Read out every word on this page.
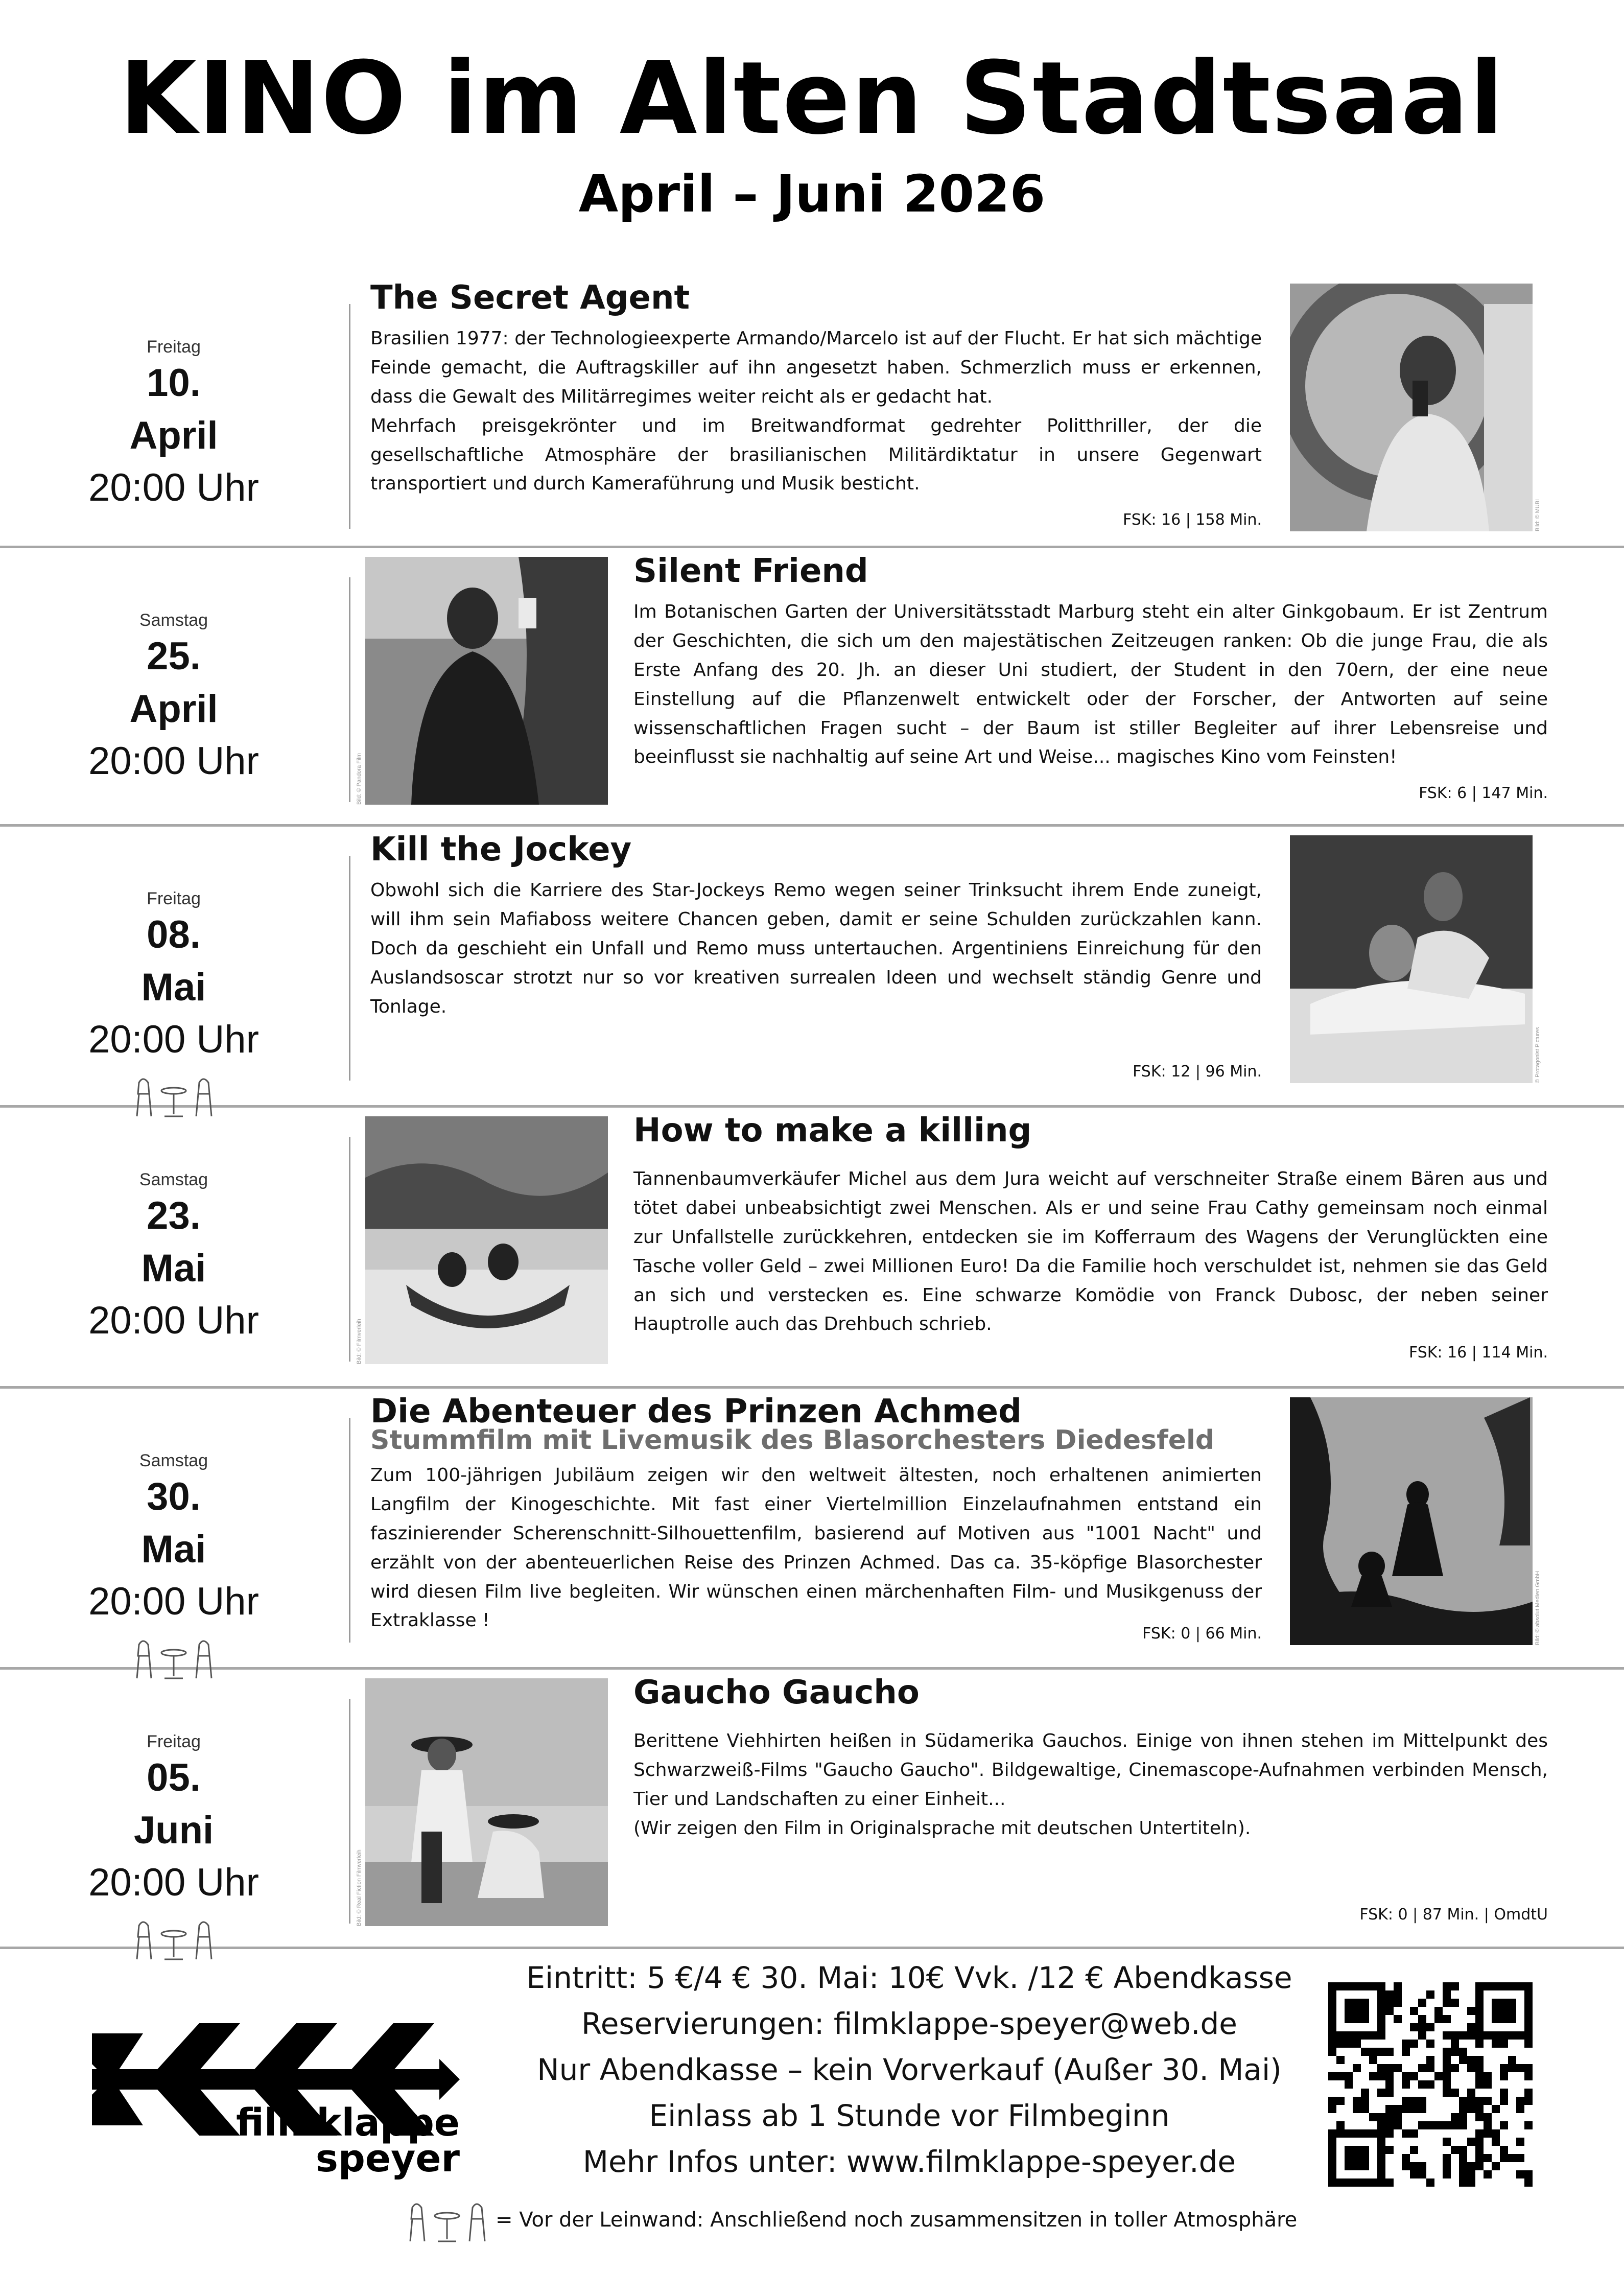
KINO im Alten Stadtsaal
April – Juni 2026
Freitag
10.
April
20:00 Uhr
Bild: © MUBI
The Secret Agent
Brasilien 1977: der Technologieexperte Armando/Marcelo ist auf der Flucht. Er hat sich mächtige Feinde gemacht, die Auftragskiller auf ihn angesetzt haben. Schmerzlich muss er erkennen, dass die Gewalt des Militärregimes weiter reicht als er gedacht hat.
Mehrfach preisgekrönter und im Breitwandformat gedrehter Politthriller, der die gesellschaftliche Atmosphäre der brasilianischen Militärdiktatur in unsere Gegenwart transportiert und durch Kameraführung und Musik besticht.
FSK: 16 | 158 Min.
Samstag
25.
April
20:00 Uhr	Bild: © Pandora Film
Silent Friend
Im Botanischen Garten der Universitätsstadt Marburg steht ein alter Ginkgobaum. Er ist Zentrum der Geschichten, die sich um den majestätischen Zeitzeugen ranken: Ob die junge Frau, die als Erste Anfang des 20. Jh. an dieser Uni studiert, der Student in den 70ern, der eine neue Einstellung auf die Pflanzenwelt entwickelt oder der Forscher, der Antworten auf seine wissenschaftlichen Fragen sucht – der Baum ist stiller Begleiter auf ihrer Lebensreise und beeinflusst sie nachhaltig auf seine Art und Weise... magisches Kino vom Feinsten!
FSK: 6 | 147 Min.
Freitag
08.
Mai
20:00 Uhr	© Protagonist Pictures
Kill the Jockey
Obwohl sich die Karriere des Star-Jockeys Remo wegen seiner Trinksucht ihrem Ende zuneigt, will ihm sein Mafiaboss weitere Chancen geben, damit er seine Schulden zurückzahlen kann. Doch da geschieht ein Unfall und Remo muss untertauchen. Argentiniens Einreichung für den Auslandsoscar strotzt nur so vor kreativen surrealen Ideen und wechselt ständig Genre und Tonlage.
FSK: 12 | 96 Min.
Samstag
23.
Mai
20:00 Uhr	Bild: © Filmverleih
How to make a killing
Tannenbaumverkäufer Michel aus dem Jura weicht auf verschneiter Straße einem Bären aus und tötet dabei unbeabsichtigt zwei Menschen. Als er und seine Frau Cathy gemeinsam noch einmal zur Unfallstelle zurückkehren, entdecken sie im Kofferraum des Wagens der Verunglückten eine Tasche voller Geld – zwei Millionen Euro! Da die Familie hoch verschuldet ist, nehmen sie das Geld an sich und verstecken es. Eine schwarze Komödie von Franck Dubosc, der neben seiner Hauptrolle auch das Drehbuch schrieb.
FSK: 16 | 114 Min.
Samstag
30.
Mai
20:00 Uhr	Bild: © absolut Medien GmbH
Die Abenteuer des Prinzen Achmed
Stummfilm mit Livemusik des Blasorchesters Diedesfeld
Zum 100-jährigen Jubiläum zeigen wir den weltweit ältesten, noch erhaltenen animierten Langfilm der Kinogeschichte. Mit fast einer Viertelmillion Einzelaufnahmen entstand ein faszinierender Scherenschnitt-Silhouettenfilm, basierend auf Motiven aus "1001 Nacht" und erzählt von der abenteuerlichen Reise des Prinzen Achmed. Das ca. 35-köpfige Blasorchester wird diesen Film live begleiten. Wir wünschen einen märchenhaften Film- und Musikgenuss der Extraklasse !
FSK: 0 | 66 Min.
Freitag
05.
Juni
20:00 Uhr	Bild: © Real Fiction Filmverleih
Gaucho Gaucho
Berittene Viehhirten heißen in Südamerika Gauchos. Einige von ihnen stehen im Mittelpunkt des Schwarzweiß-Films "Gaucho Gaucho". Bildgewaltige, Cinemascope-Aufnahmen verbinden Mensch, Tier und Landschaften zu einer Einheit...
(Wir zeigen den Film in Originalsprache mit deutschen Untertiteln).
FSK: 0 | 87 Min. | OmdtU
filmklappe
speyer
Eintritt: 5 €/4 € 30. Mai: 10€ Vvk. /12 € Abendkasse
Reservierungen: filmklappe-speyer@web.de
Nur Abendkasse – kein Vorverkauf (Außer 30. Mai)
Einlass ab 1 Stunde vor Filmbeginn
Mehr Infos unter: www.filmklappe-speyer.de
= Vor der Leinwand: Anschließend noch zusammensitzen in toller Atmosphäre
